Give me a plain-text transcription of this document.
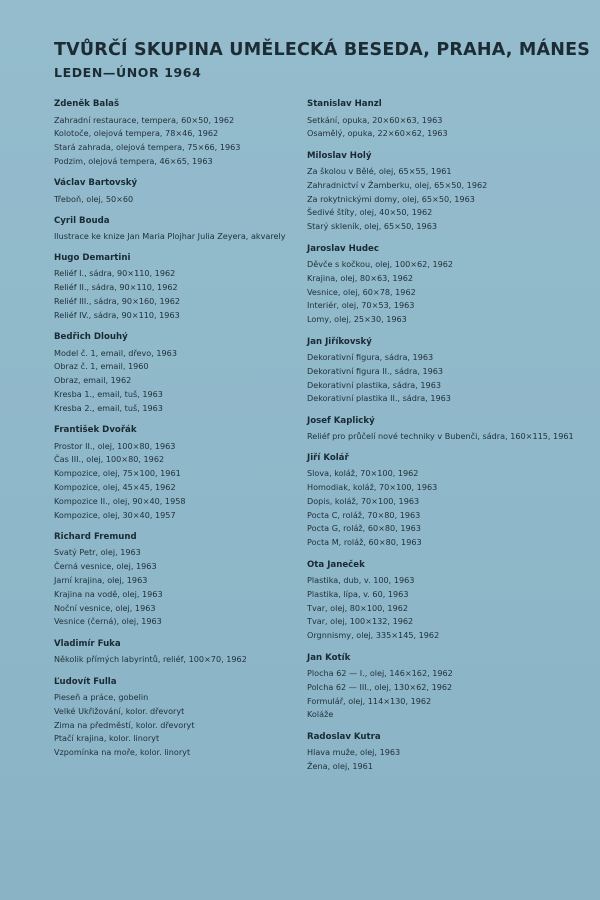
TVŮRČÍ SKUPINA UMĚLECKÁ BESEDA, PRAHA, MÁNES
LEDEN—ÚNOR 1964
Zdeněk Balaš
Zahradní restaurace, tempera, 60×50, 1962
Kolotoče, olejová tempera, 78×46, 1962
Stará zahrada, olejová tempera, 75×66, 1963
Podzim, olejová tempera, 46×65, 1963
Václav Bartovský
Třeboň, olej, 50×60
Cyril Bouda
Ilustrace ke knize Jan Maria Plojhar Julia Zeyera, akvarely
Hugo Demartini
Reliéf I., sádra, 90×110, 1962
Reliéf II., sádra, 90×110, 1962
Reliéf III., sádra, 90×160, 1962
Reliéf IV., sádra, 90×110, 1963
Bedřich Dlouhý
Model č. 1, email, dřevo, 1963
Obraz č. 1, email, 1960
Obraz, email, 1962
Kresba 1., email, tuš, 1963
Kresba 2., email, tuš, 1963
František Dvořák
Prostor II., olej, 100×80, 1963
Čas III., olej, 100×80, 1962
Kompozice, olej, 75×100, 1961
Kompozice, olej, 45×45, 1962
Kompozice II., olej, 90×40, 1958
Kompozice, olej, 30×40, 1957
Richard Fremund
Svatý Petr, olej, 1963
Černá vesnice, olej, 1963
Jarní krajina, olej, 1963
Krajina na vodě, olej, 1963
Noční vesnice, olej, 1963
Vesnice (černá), olej, 1963
Vladimír Fuka
Několik přímých labyrintů, reliéf, 100×70, 1962
Ľudovít Fulla
Pieseň a práce, gobelin
Velké Ukřižování, kolor. dřevoryt
Zima na předměstí, kolor. dřevoryt
Ptačí krajina, kolor. linoryt
Vzpomínka na moře, kolor. linoryt
Stanislav Hanzl
Setkání, opuka, 20×60×63, 1963
Osamělý, opuka, 22×60×62, 1963
Miloslav Holý
Za školou v Bělé, olej, 65×55, 1961
Zahradnictví v Žamberku, olej, 65×50, 1962
Za rokytnickými domy, olej, 65×50, 1963
Šedivé štíty, olej, 40×50, 1962
Starý skleník, olej, 65×50, 1963
Jaroslav Hudec
Děvče s kočkou, olej, 100×62, 1962
Krajina, olej, 80×63, 1962
Vesnice, olej, 60×78, 1962
Interiér, olej, 70×53, 1963
Lomy, olej, 25×30, 1963
Jan Jiříkovský
Dekorativní figura, sádra, 1963
Dekorativní figura II., sádra, 1963
Dekorativní plastika, sádra, 1963
Dekorativní plastika II., sádra, 1963
Josef Kaplický
Reliéf pro průčelí nové techniky v Bubenči, sádra, 160×115, 1961
Jiří Kolář
Slova, koláž, 70×100, 1962
Homodiak, koláž, 70×100, 1963
Dopis, koláž, 70×100, 1963
Pocta C, roláž, 70×80, 1963
Pocta G, roláž, 60×80, 1963
Pocta M, roláž, 60×80, 1963
Ota Janeček
Plastika, dub, v. 100, 1963
Plastika, lípa, v. 60, 1963
Tvar, olej, 80×100, 1962
Tvar, olej, 100×132, 1962
Orgnnismy, olej, 335×145, 1962
Jan Kotík
Plocha 62 — I., olej, 146×162, 1962
Polcha 62 — III., olej, 130×62, 1962
Formulář, olej, 114×130, 1962
Koláže
Radoslav Kutra
Hlava muže, olej, 1963
Žena, olej, 1961
